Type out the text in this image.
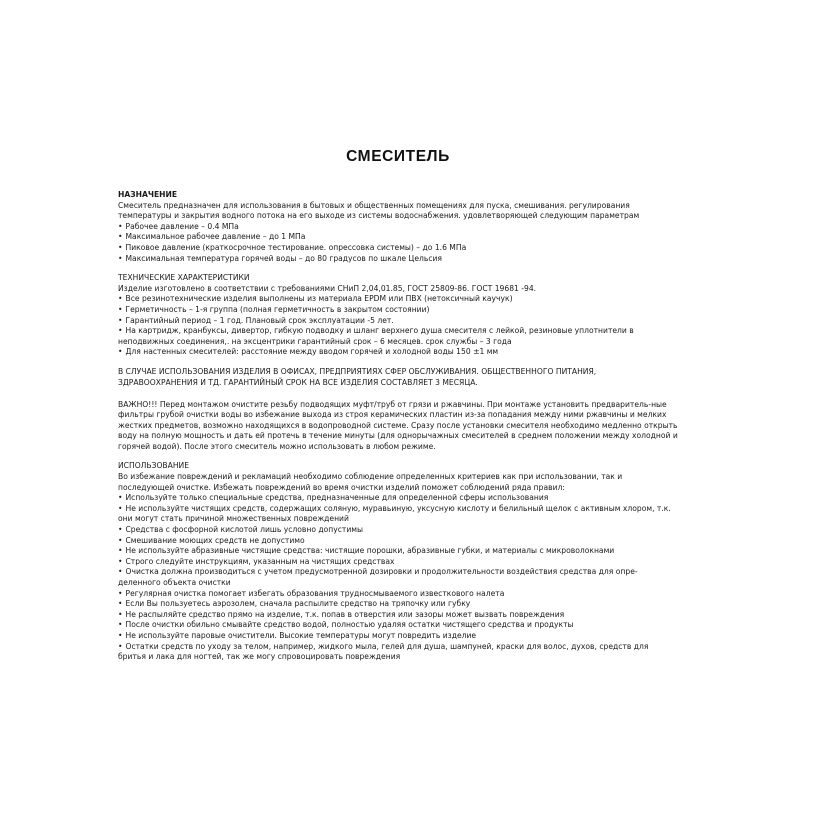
СМЕСИТЕЛЬ
НАЗНАЧЕНИЕ

Смеситель предназначен для использования в бытовых и общественных помещениях для пуска, смешивания. регулирования температуры и закрытия водного потока на его выходе из системы водоснабжения. удовлетворяющей следующим параметрам

• Рабочее давление – 0.4 МПа
• Максимальное рабочее давление – до 1 МПа
• Пиковое давление (краткосрочное тестирование. опрессовка системы) – до 1.6 МПа
• Максимальная температура горячей воды – до 80 градусов по шкале Цельсия
ТЕХНИЧЕСКИЕ ХАРАКТЕРИСТИКИ

Изделие изготовлено в соответствии с требованиями СНиП 2,04,01.85, ГОСТ 25809-86. ГОСТ 19681 -94.

• Все резинотехнические изделия выполнены из материала EPDM или ПВХ (нетоксичный каучук)
• Герметичность – 1-я группа (полная герметичность в закрытом состоянии)
• Гарантийный период – 1 год. Плановый срок эксплуатации -5 лет.
• На картридж, кранбуксы, дивертор, гибкую подводку и шланг верхнего душа смесителя с лейкой, резиновые уплотнители в неподвижных соединения,. на эксцентрики гарантийный срок – 6 месяцев. срок службы – 3 года
• Для настенных смесителей: расстояние между вводом горячей и холодной воды 150 ±1 мм
В СЛУЧАЕ ИСПОЛЬЗОВАНИЯ ИЗДЕЛИЯ В ОФИСАХ, ПРЕДПРИЯТИЯХ СФЕР ОБСЛУЖИВАНИЯ. ОБЩЕСТВЕННОГО ПИТАНИЯ, ЗДРАВООХРАНЕНИЯ И ТД. ГАРАНТИЙНЫЙ СРОК НА ВСЕ ИЗДЕЛИЯ СОСТАВЛЯЕТ 3 МЕСЯЦА.

ВАЖНО!!! Перед монтажом очистите резьбу подводящих муфт/труб от грязи и ржавчины. При монтаже установить предваритель-ные фильтры грубой очистки воды во избежание выхода из строя керамических пластин из-за попадания между ними ржавчины и мелких жестких предметов, возможно находящихся в водопроводной системе. Сразу после установки смесителя необходимо медленно открыть воду на полную мощность и дать ей протечь в течение минуты (для однорычажных смесителей в среднем положении между холодной и горячей водой). После этого смеситель можно использовать в любом режиме.

ИСПОЛЬЗОВАНИЕ

Во избежание повреждений и рекламаций необходимо соблюдение определенных критериев как при использовании, так и последующей очистке. Избежать повреждений во время очистки изделий поможет соблюдений ряда правил:

• Используйте только специальные средства, предназначенные для определенной сферы использования
• Не используйте чистящих средств, содержащих соляную, муравьиную, уксусную кислоту и белильный щелок с активным хлором, т.к. они могут стать причиной множественных повреждений
• Средства с фосфорной кислотой лишь условно допустимы
• Смешивание моющих средств не допустимо
• Не используйте абразивные чистящие средства: чистящие порошки, абразивные губки, и материалы с микроволокнами
• Строго следуйте инструкциям, указанным на чистящих средствах
• Очистка должна производиться с учетом предусмотренной дозировки и продолжительности воздействия средства для опре-деленного объекта очистки
• Регулярная очистка помогает избегать образования трудносмываемого известкового налета
• Если Вы пользуетесь аэрозолем, сначала распылите средство на тряпочку или губку
• Не распыляйте средство прямо на изделие, т.к. попав в отверстия или зазоры может вызвать повреждения
• После очистки обильно смывайте средство водой, полностью удаляя остатки чистящего средства и продукты
• Не используйте паровые очистители. Высокие температуры могут повредить изделие
• Остатки средств по уходу за телом, например, жидкого мыла, гелей для душа, шампуней, краски для волос, духов, средств для бритья и лака для ногтей, так же могу спровоцировать повреждения
